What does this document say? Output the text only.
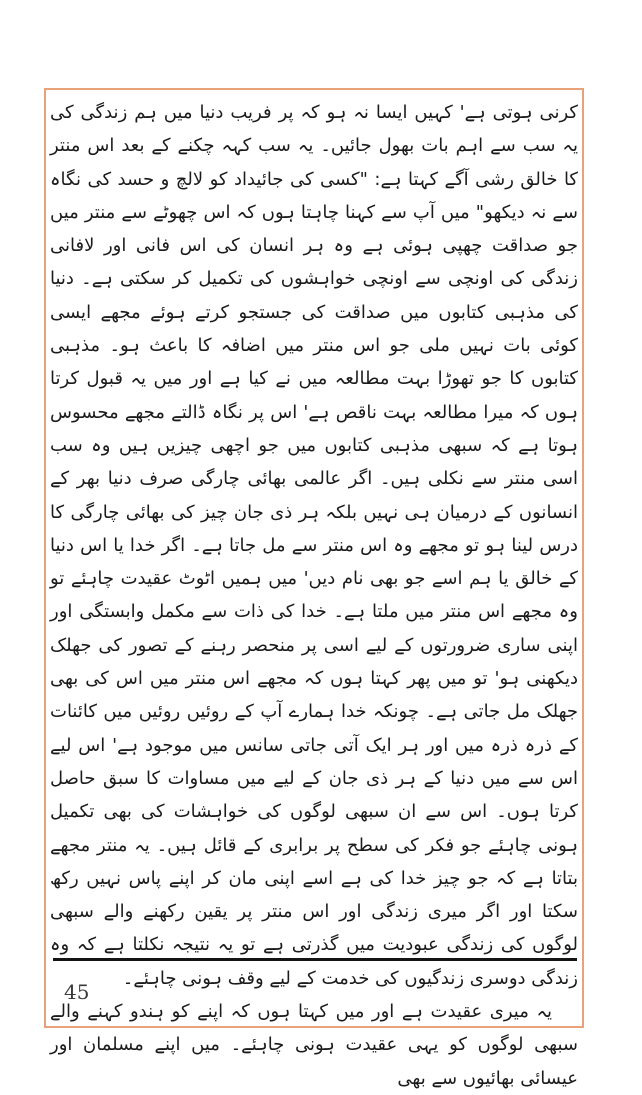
کرنی ہوتی ہے' کہیں ایسا نہ ہو کہ پر فریب دنیا میں ہم زندگی کی یہ سب سے اہم بات بھول جائیں۔ یہ سب کہہ چکنے کے بعد اس منتر کا خالق رشی آگے کہتا ہے: "کسی کی جائیداد کو لالچ و حسد کی نگاہ سے نہ دیکھو" میں آپ سے کہنا چاہتا ہوں کہ اس چھوٹے سے منتر میں جو صداقت چھپی ہوئی ہے وہ ہر انسان کی اس فانی اور لافانی زندگی کی اونچی سے اونچی خواہشوں کی تکمیل کر سکتی ہے۔ دنیا کی مذہبی کتابوں میں صداقت کی جستجو کرتے ہوئے مجھے ایسی کوئی بات نہیں ملی جو اس منتر میں اضافہ کا باعث ہو۔ مذہبی کتابوں کا جو تھوڑا بہت مطالعہ میں نے کیا ہے اور میں یہ قبول کرتا ہوں کہ میرا مطالعہ بہت ناقص ہے' اس پر نگاہ ڈالتے مجھے محسوس ہوتا ہے کہ سبھی مذہبی کتابوں میں جو اچھی چیزیں ہیں وہ سب اسی منتر سے نکلی ہیں۔ اگر عالمی بھائی چارگی صرف دنیا بھر کے انسانوں کے درمیان ہی نہیں بلکہ ہر ذی جان چیز کی بھائی چارگی کا درس لینا ہو تو مجھے وہ اس منتر سے مل جاتا ہے۔ اگر خدا یا اس دنیا کے خالق یا ہم اسے جو بھی نام دیں' میں ہمیں اٹوٹ عقیدت چاہئے تو وہ مجھے اس منتر میں ملتا ہے۔ خدا کی ذات سے مکمل وابستگی اور اپنی ساری ضرورتوں کے لیے اسی پر منحصر رہنے کے تصور کی جھلک دیکھنی ہو' تو میں پھر کہتا ہوں کہ مجھے اس منتر میں اس کی بھی جھلک مل جاتی ہے۔ چونکہ خدا ہمارے آپ کے روئیں روئیں میں کائنات کے ذرہ ذرہ میں اور ہر ایک آتی جاتی سانس میں موجود ہے' اس لیے اس سے میں دنیا کے ہر ذی جان کے لیے میں مساوات کا سبق حاصل کرتا ہوں۔ اس سے ان سبھی لوگوں کی خواہشات کی بھی تکمیل ہونی چاہئے جو فکر کی سطح پر برابری کے قائل ہیں۔ یہ منتر مجھے بتاتا ہے کہ جو چیز خدا کی ہے اسے اپنی مان کر اپنے پاس نہیں رکھ سکتا اور اگر میری زندگی اور اس منتر پر یقین رکھنے والے سبھی لوگوں کی زندگی عبودیت میں گذرتی ہے تو یہ نتیجہ نکلتا ہے کہ وہ زندگی دوسری زندگیوں کی خدمت کے لیے وقف ہونی چاہئے۔

یہ میری عقیدت ہے اور میں کہتا ہوں کہ اپنے کو ہندو کہنے والے سبھی لوگوں کو یہی عقیدت ہونی چاہئے۔ میں اپنے مسلمان اور عیسائی بھائیوں سے بھی

45
